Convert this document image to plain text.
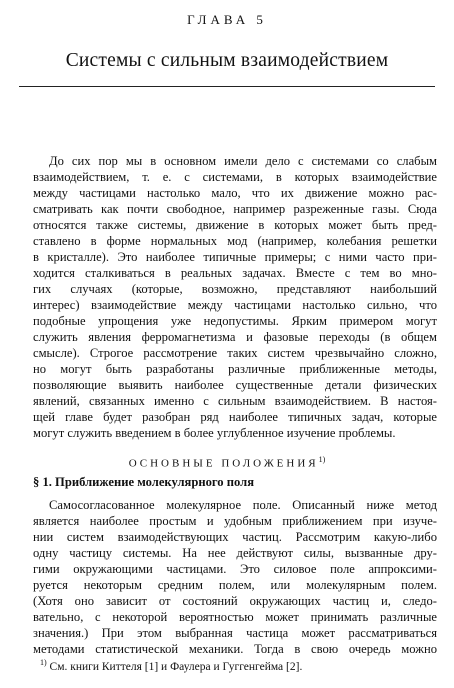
ГЛАВА 5
Системы с сильным взаимодействием
До сих пор мы в основном имели дело с системами со слабым
взаимодействием, т. е. с системами, в которых взаимодействие
между частицами настолько мало, что их движение можно рас-
сматривать как почти свободное, например разреженные газы. Сюда
относятся также системы, движение в которых может быть пред-
ставлено в форме нормальных мод (например, колебания решетки
в кристалле). Это наиболее типичные примеры; с ними часто при-
ходится сталкиваться в реальных задачах. Вместе с тем во мно-
гих случаях (которые, возможно, представляют наибольший
интерес) взаимодействие между частицами настолько сильно, что
подобные упрощения уже недопустимы. Ярким примером могут
служить явления ферромагнетизма и фазовые переходы (в общем
смысле). Строгое рассмотрение таких систем чрезвычайно сложно,
но могут быть разработаны различные приближенные методы,
позволяющие выявить наиболее существенные детали физических
явлений, связанных именно с сильным взаимодействием. В настоя-
щей главе будет разобран ряд наиболее типичных задач, которые
могут служить введением в более углубленное изучение проблемы.
ОСНОВНЫЕ ПОЛОЖЕНИЯ$^{1)}$
§ 1. Приближение молекулярного поля
Самосогласованное молекулярное поле. Описанный ниже метод
является наиболее простым и удобным приближением при изуче-
нии систем взаимодействующих частиц. Рассмотрим какую-либо
одну частицу системы. На нее действуют силы, вызванные дру-
гими окружающими частицами. Это силовое поле аппроксими-
руется некоторым средним полем, или молекулярным полем.
(Хотя оно зависит от состояний окружающих частиц и, следо-
вательно, с некоторой вероятностью может принимать различные
значения.) При этом выбранная частица может рассматриваться
методами статистической механики. Тогда в свою очередь можно
$^{1)}$ См. книги Киттеля [1] и Фаулера и Гуггенгейма [2].
